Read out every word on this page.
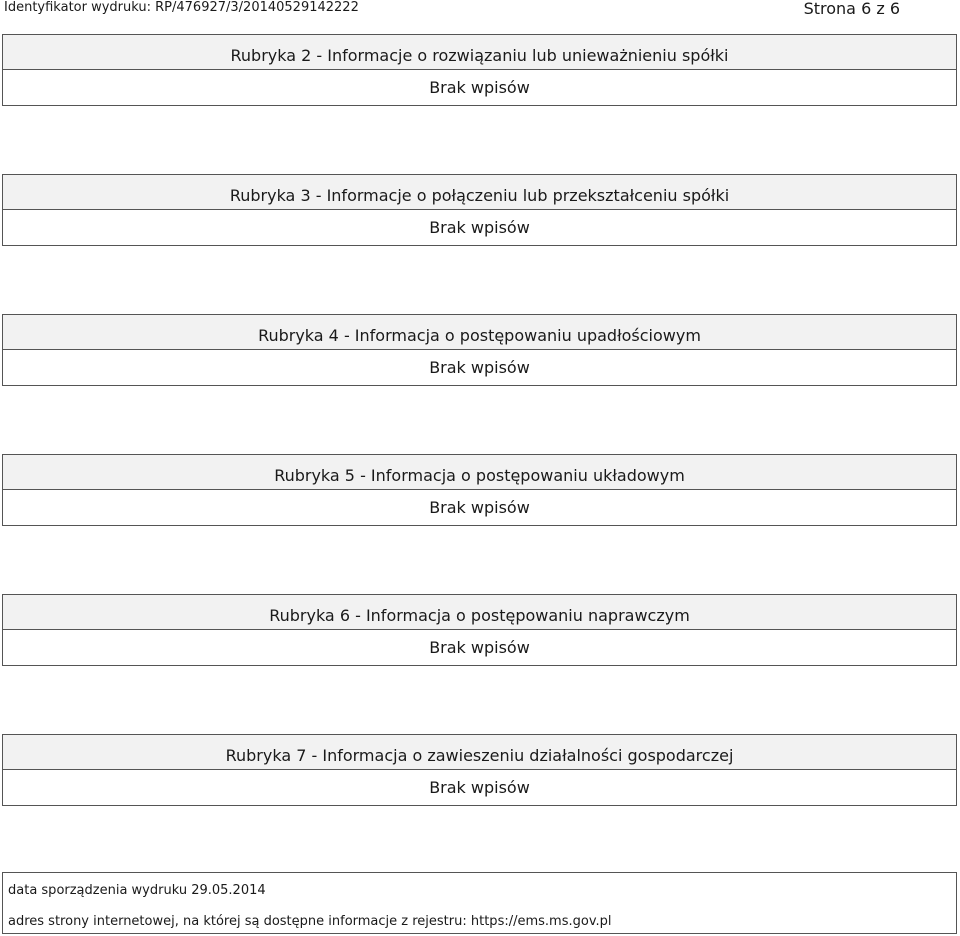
Identyfikator wydruku: RP/476927/3/20140529142222	Strona 6 z 6
Rubryka 2 - Informacje o rozwiązaniu lub unieważnieniu spółki
Brak wpisów
Rubryka 3 - Informacje o połączeniu lub przekształceniu spółki
Brak wpisów
Rubryka 4 - Informacja o postępowaniu upadłościowym
Brak wpisów
Rubryka 5 - Informacja o postępowaniu układowym
Brak wpisów
Rubryka 6 - Informacja o postępowaniu naprawczym
Brak wpisów
Rubryka 7 - Informacja o zawieszeniu działalności gospodarczej
Brak wpisów
data sporządzenia wydruku 29.05.2014
adres strony internetowej, na której są dostępne informacje z rejestru: https://ems.ms.gov.pl
